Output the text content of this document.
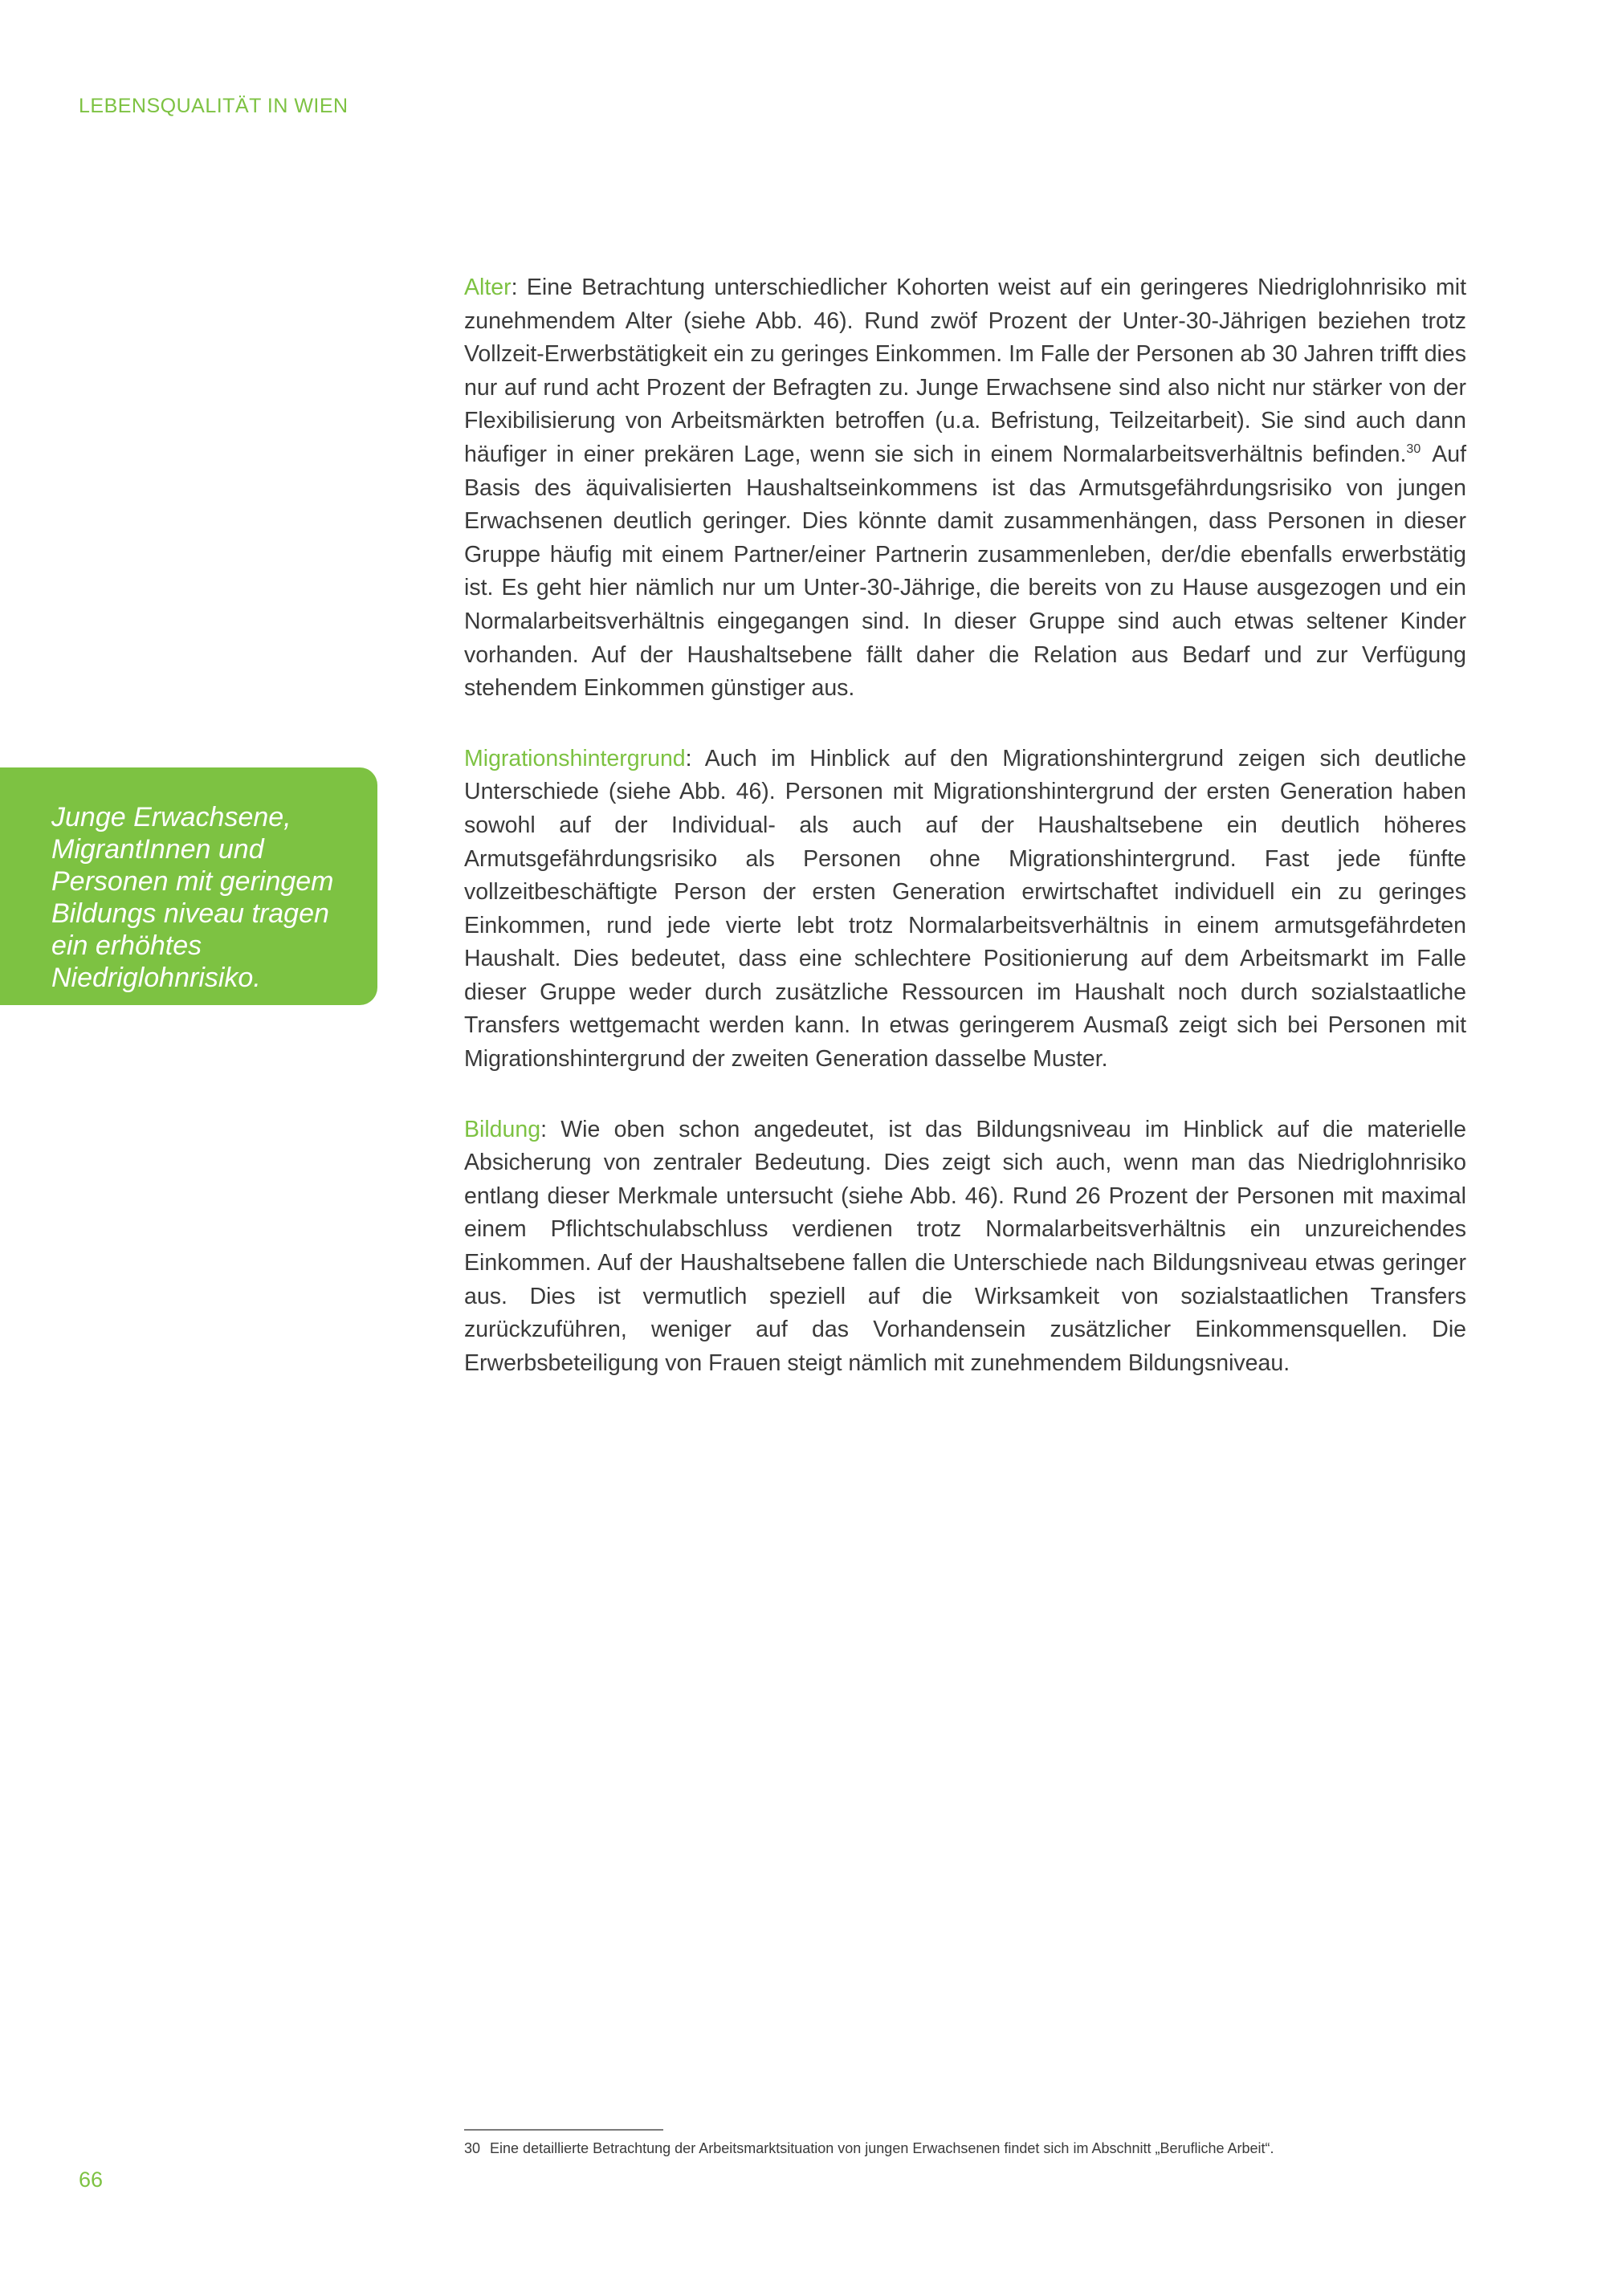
LEBENSQUALITÄT IN WIEN
Junge Erwachsene, MigrantInnen und Personen mit geringem Bildungs niveau tragen ein erhöhtes Niedriglohnrisiko.

Alter: Eine Betrachtung unterschiedlicher Kohorten weist auf ein geringeres Niedriglohnrisiko mit zunehmendem Alter (siehe Abb. 46). Rund zwöf Prozent der Unter-30-Jährigen beziehen trotz Vollzeit-Erwerbstätigkeit ein zu geringes Einkommen. Im Falle der Personen ab 30 Jahren trifft dies nur auf rund acht Prozent der Befragten zu. Junge Erwachsene sind also nicht nur stärker von der Flexibilisierung von Arbeitsmärkten betroffen (u.a. Befristung, Teilzeitarbeit). Sie sind auch dann häufiger in einer prekären Lage, wenn sie sich in einem Normalarbeitsverhältnis befinden.$^{30}$ Auf Basis des äquivalisierten Haushaltseinkommens ist das Armutsgefährdungsrisiko von jungen Erwachsenen deutlich geringer. Dies könnte damit zusammenhängen, dass Personen in dieser Gruppe häufig mit einem Partner/einer Partnerin zusammenleben, der/die ebenfalls erwerbstätig ist. Es geht hier nämlich nur um Unter-30-Jährige, die bereits von zu Hause ausgezogen und ein Normalarbeitsverhältnis eingegangen sind. In dieser Gruppe sind auch etwas seltener Kinder vorhanden. Auf der Haushaltsebene fällt daher die Relation aus Bedarf und zur Verfügung stehendem Einkommen günstiger aus.

Migrationshintergrund: Auch im Hinblick auf den Migrationshintergrund zeigen sich deutliche Unterschiede (siehe Abb. 46). Personen mit Migrationshintergrund der ersten Generation haben sowohl auf der Individual- als auch auf der Haushaltsebene ein deutlich höheres Armutsgefährdungsrisiko als Personen ohne Migrationshintergrund. Fast jede fünfte vollzeitbeschäftigte Person der ersten Generation erwirtschaftet individuell ein zu geringes Einkommen, rund jede vierte lebt trotz Normalarbeitsverhältnis in einem armutsgefährdeten Haushalt. Dies bedeutet, dass eine schlechtere Positionierung auf dem Arbeitsmarkt im Falle dieser Gruppe weder durch zusätzliche Ressourcen im Haushalt noch durch sozialstaatliche Transfers wettgemacht werden kann. In etwas geringerem Ausmaß zeigt sich bei Personen mit Migrationshintergrund der zweiten Generation dasselbe Muster.

Bildung: Wie oben schon angedeutet, ist das Bildungsniveau im Hinblick auf die materielle Absicherung von zentraler Bedeutung. Dies zeigt sich auch, wenn man das Niedriglohnrisiko entlang dieser Merkmale untersucht (siehe Abb. 46). Rund 26 Prozent der Personen mit maximal einem Pflichtschulabschluss verdienen trotz Normalarbeitsverhältnis ein unzureichendes Einkommen. Auf der Haushaltsebene fallen die Unterschiede nach Bildungsniveau etwas geringer aus. Dies ist vermutlich speziell auf die Wirksamkeit von sozialstaatlichen Transfers zurückzuführen, weniger auf das Vorhandensein zusätzlicher Einkommensquellen. Die Erwerbsbeteiligung von Frauen steigt nämlich mit zunehmendem Bildungsniveau.

30 Eine detaillierte Betrachtung der Arbeitsmarktsituation von jungen Erwachsenen findet sich im Abschnitt „Berufliche Arbeit“.
66
